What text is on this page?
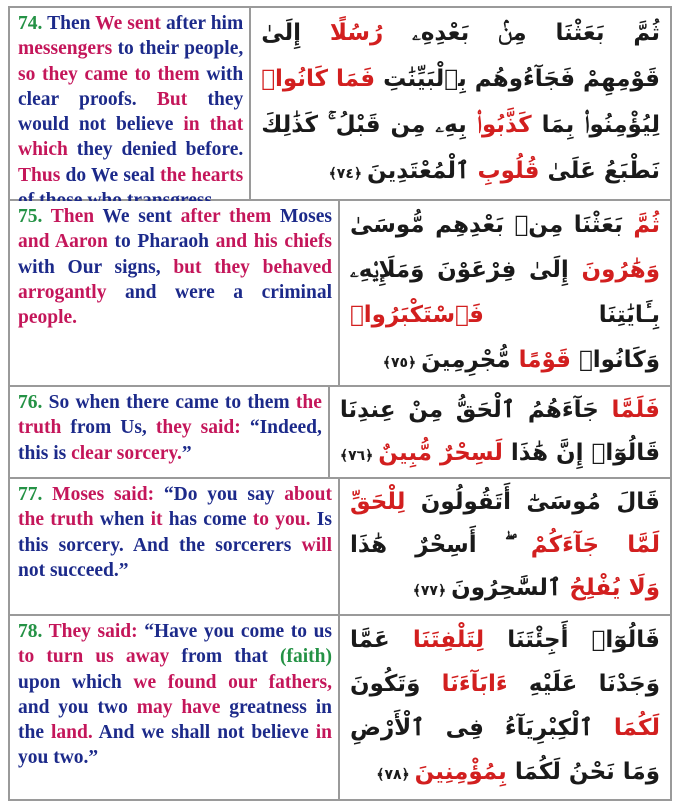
74. Then We sent after him messengers to their people, so they came to them with clear proofs. But they would not believe in that which they denied before. Thus do We seal the hearts
ثُمَّ بَعَثْنَا مِنۢ بَعْدِهِۦ رُسُلًا إِلَىٰ
قَوْمِهِمْ فَجَآءُوهُم بِٱلْبَيِّنَٰتِ فَمَا كَانُوا۟
لِيُؤْمِنُوا۟ بِمَا كَذَّبُوا۟ بِهِۦ مِن قَبْلُ ۚ كَذَٰلِكَ
نَطْبَعُ عَلَىٰ قُلُوبِ ٱلْمُعْتَدِينَ ﴿٧٤﴾
75. Then We sent after them Moses and Aaron to Pharaoh and his chiefs with Our signs, but they behaved arrogantly and were a criminal people.
ثُمَّ بَعَثْنَا مِنۢ بَعْدِهِم مُّوسَىٰ
وَهَٰرُونَ إِلَىٰ فِرْعَوْنَ وَمَلَإِي۟هِۦ
بِـَٔايَٰتِنَا فَٱسْتَكْبَرُوا۟
وَكَانُوا۟ قَوْمًا مُّجْرِمِينَ ﴿٧٥﴾
76. So when there came to them the truth from Us, they said: “Indeed, this is clear sorcery.”
فَلَمَّا جَآءَهُمُ ٱلْحَقُّ مِنْ عِندِنَا
قَالُوٓا۟ إِنَّ هَٰذَا لَسِحْرٌ مُّبِينٌ ﴿٧٦﴾
77. Moses said: “Do you say about the truth when it has come to you. Is this sorcery. And the sorcerers will not succeed.”
قَالَ مُوسَىٰٓ أَتَقُولُونَ لِلْحَقِّ
لَمَّا جَآءَكُمْ ۖ أَسِحْرٌ هَٰذَا
وَلَا يُفْلِحُ ٱلسَّٰحِرُونَ ﴿٧٧﴾
78. They said: “Have you come to us to turn us away from that (faith) upon which we found our fathers, and you two may have greatness in the land. And we shall not believe in you two.”
قَالُوٓا۟ أَجِئْتَنَا لِتَلْفِتَنَا عَمَّا
وَجَدْنَا عَلَيْهِ ءَابَآءَنَا وَتَكُونَ
لَكُمَا ٱلْكِبْرِيَآءُ فِى ٱلْأَرْضِ
وَمَا نَحْنُ لَكُمَا بِمُؤْمِنِينَ ﴿٧٨﴾
